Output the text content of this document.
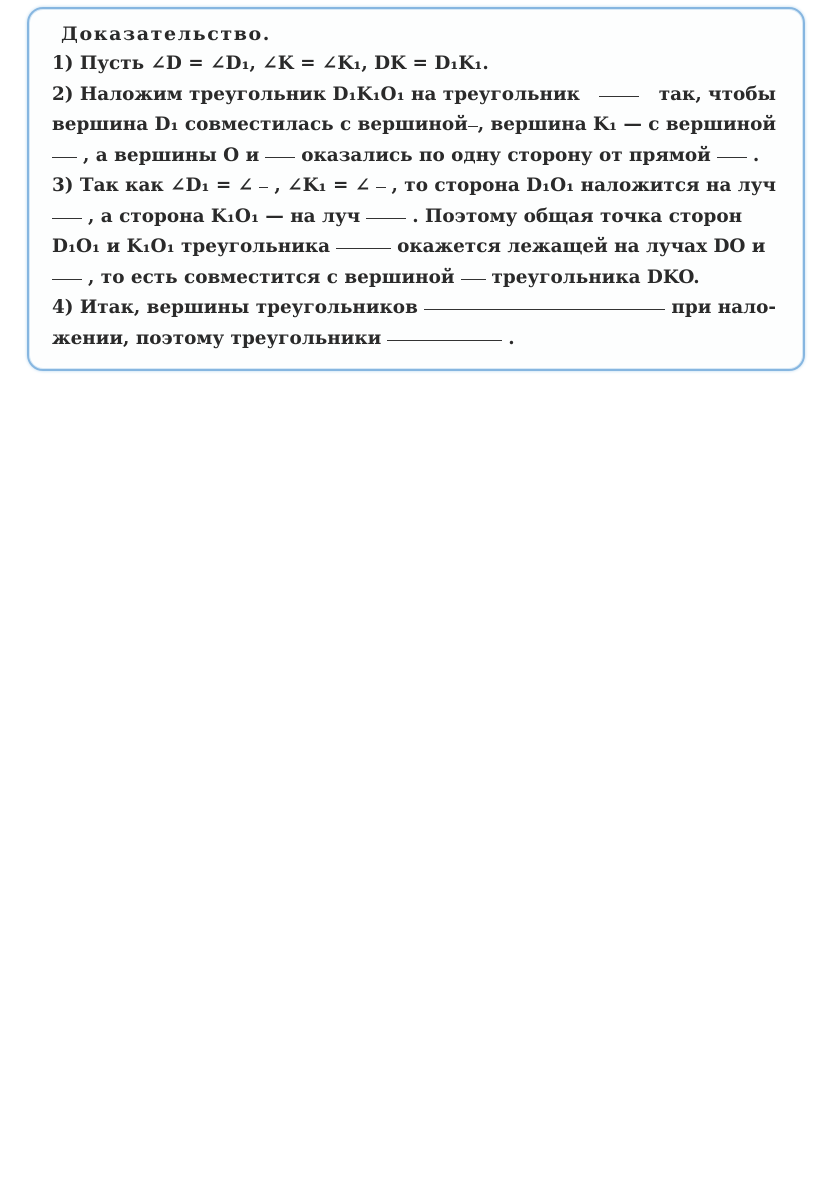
Доказательство.
1) Пусть ∠D = ∠D₁, ∠K = ∠K₁, DK = D₁K₁.
2) Наложим треугольник D₁K₁O₁ на треугольник	так, чтобы
вершина D₁ совместилась с вершиной , вершина K₁ — с вершиной
, а вершины O и оказались по одну сторону от прямой .
3) Так как ∠D₁ = ∠ , ∠K₁ = ∠ , то сторона D₁O₁ наложится на луч
, а сторона K₁O₁ — на луч	. Поэтому общая точка сторон
D₁O₁ и K₁O₁ треугольника	окажется лежащей на лучах DO и
, то есть совместится с вершиной треугольника DKO.
4) Итак, вершины треугольников	при нало-
жении, поэтому треугольники	.
